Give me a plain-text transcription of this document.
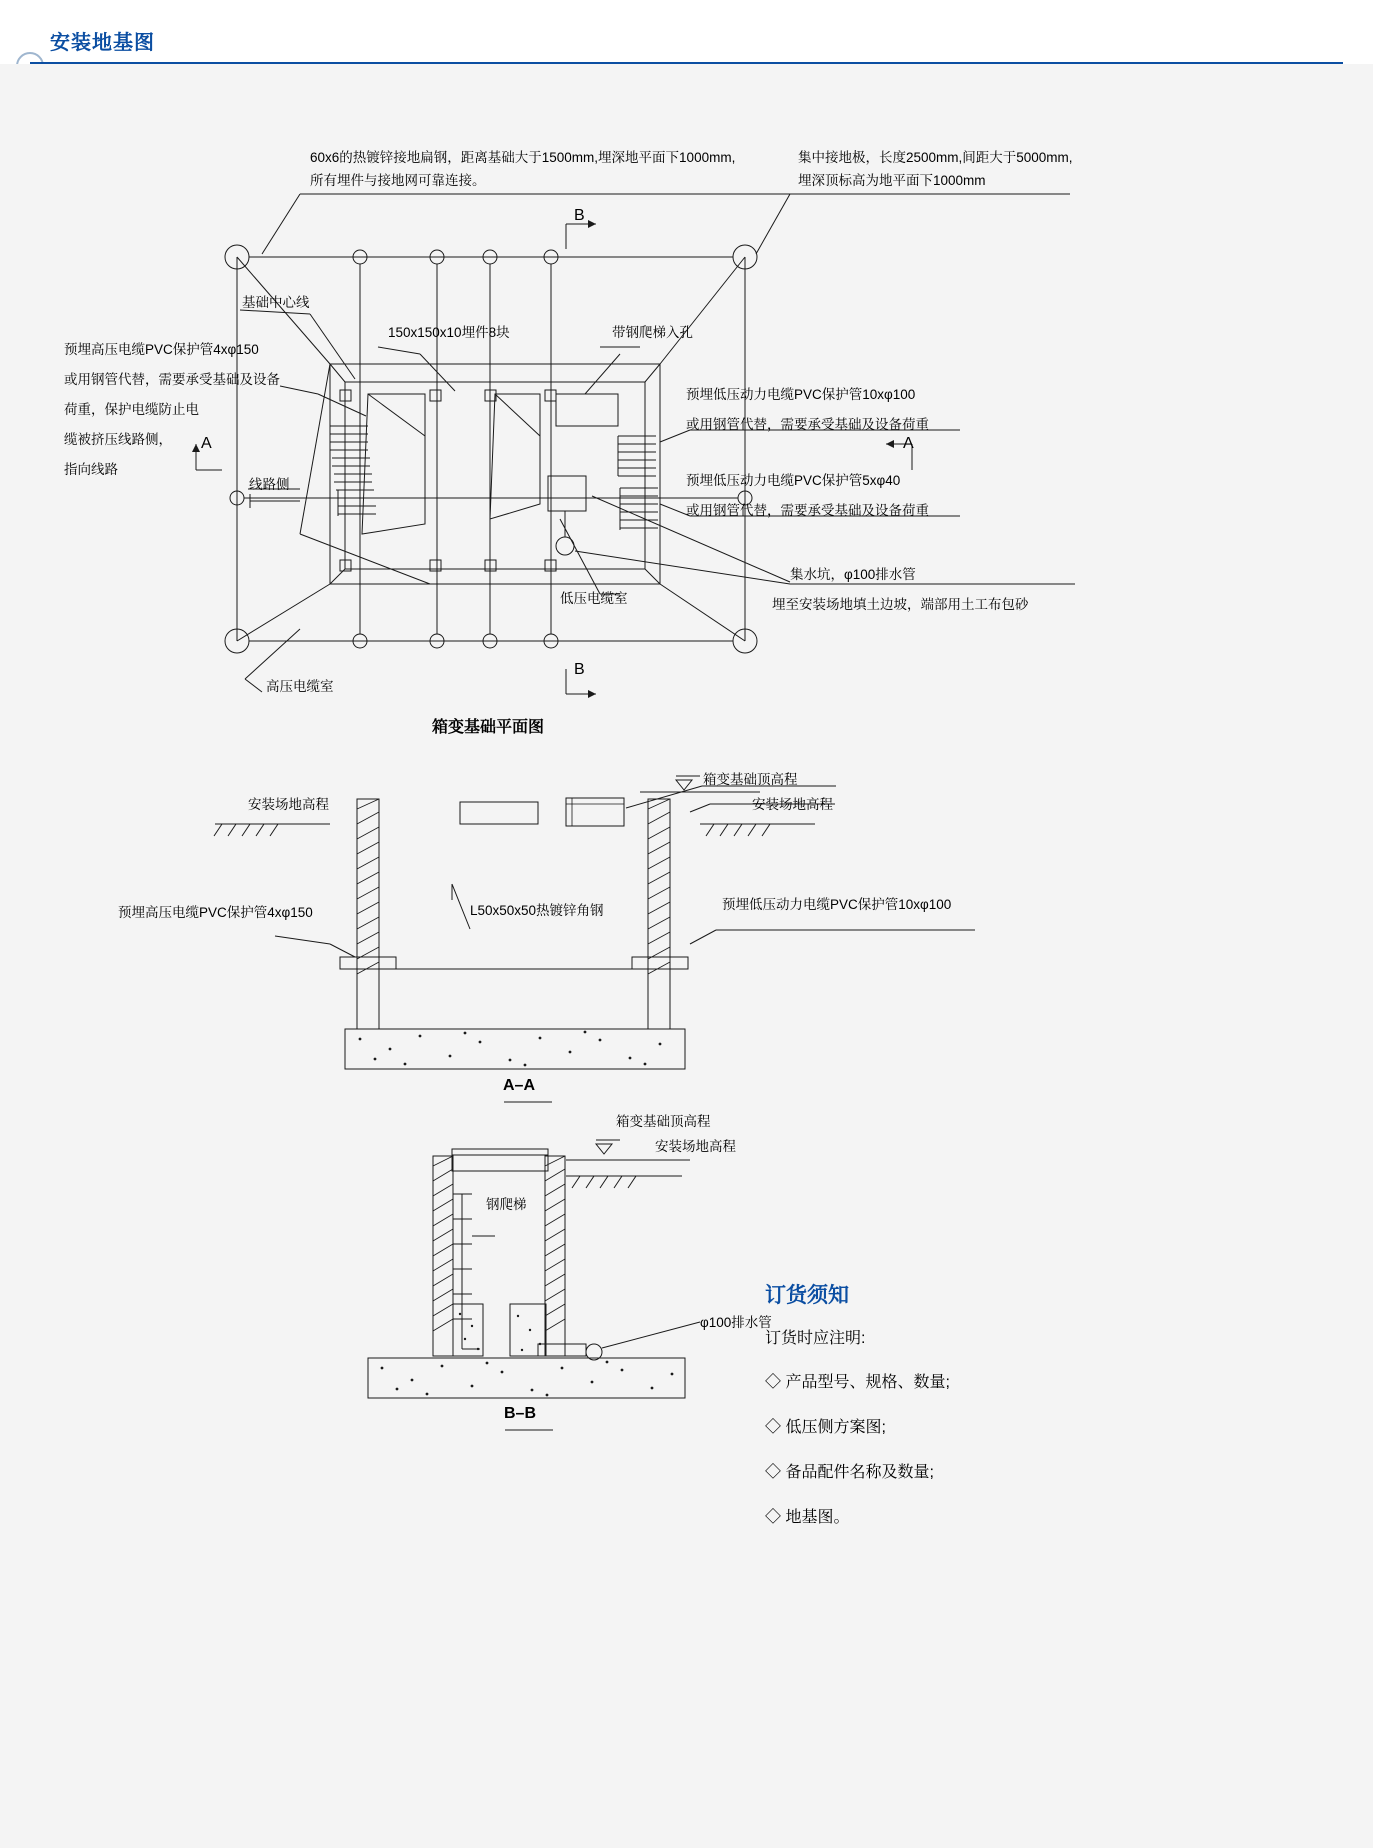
安装地基图
60x6的热镀锌接地扁钢，距离基础大于1500mm,埋深地平面下1000mm,
所有埋件与接地网可靠连接。
集中接地极，长度2500mm,间距大于5000mm,
埋深顶标高为地平面下1000mm
基础中心线
150x150x10埋件8块	带钢爬梯入孔
预埋高压电缆PVC保护管4xφ150
或用钢管代替，需要承受基础及设备
荷重，保护电缆防止电
缆被挤压线路侧，
指向线路
线路侧
预埋低压动力电缆PVC保护管10xφ100
或用钢管代替，需要承受基础及设备荷重
预埋低压动力电缆PVC保护管5xφ40
或用钢管代替，需要承受基础及设备荷重
集水坑，φ100排水管
埋至安装场地填土边坡，端部用土工布包砂
低压电缆室
高压电缆室
B
B
A	A
箱变基础平面图
安装场地高程
箱变基础顶高程
安装场地高程
预埋高压电缆PVC保护管4xφ150
预埋低压动力电缆PVC保护管10xφ100
L50x50x50热镀锌角钢
A–A
箱变基础顶高程
安装场地高程
钢爬梯
φ100排水管
B–B
订货须知
订货时应注明:
◇ 产品型号、规格、数量;
◇ 低压侧方案图;
◇ 备品配件名称及数量;
◇ 地基图。
